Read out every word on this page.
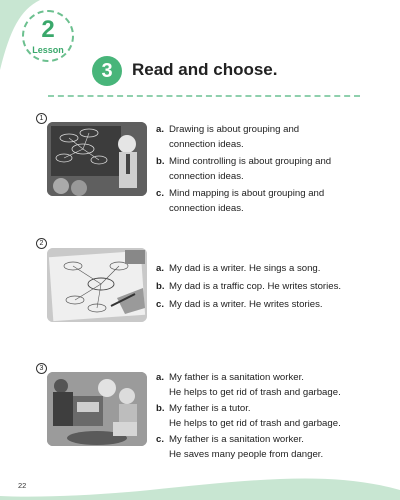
2
Lesson
3	Read and choose.
1
a. Drawing is about grouping and
connection ideas.
b. Mind controlling is about grouping and
connection ideas.
c. Mind mapping is about grouping and
connection ideas.
2
a. My dad is a writer. He sings a song.
b. My dad is a traffic cop. He writes stories.
c. My dad is a writer. He writes stories.
3
a. My father is a sanitation worker.
He helps to get rid of trash and garbage.
b. My father is a tutor.
He helps to get rid of trash and garbage.
c. My father is a sanitation worker.
He saves many people from danger.
22
